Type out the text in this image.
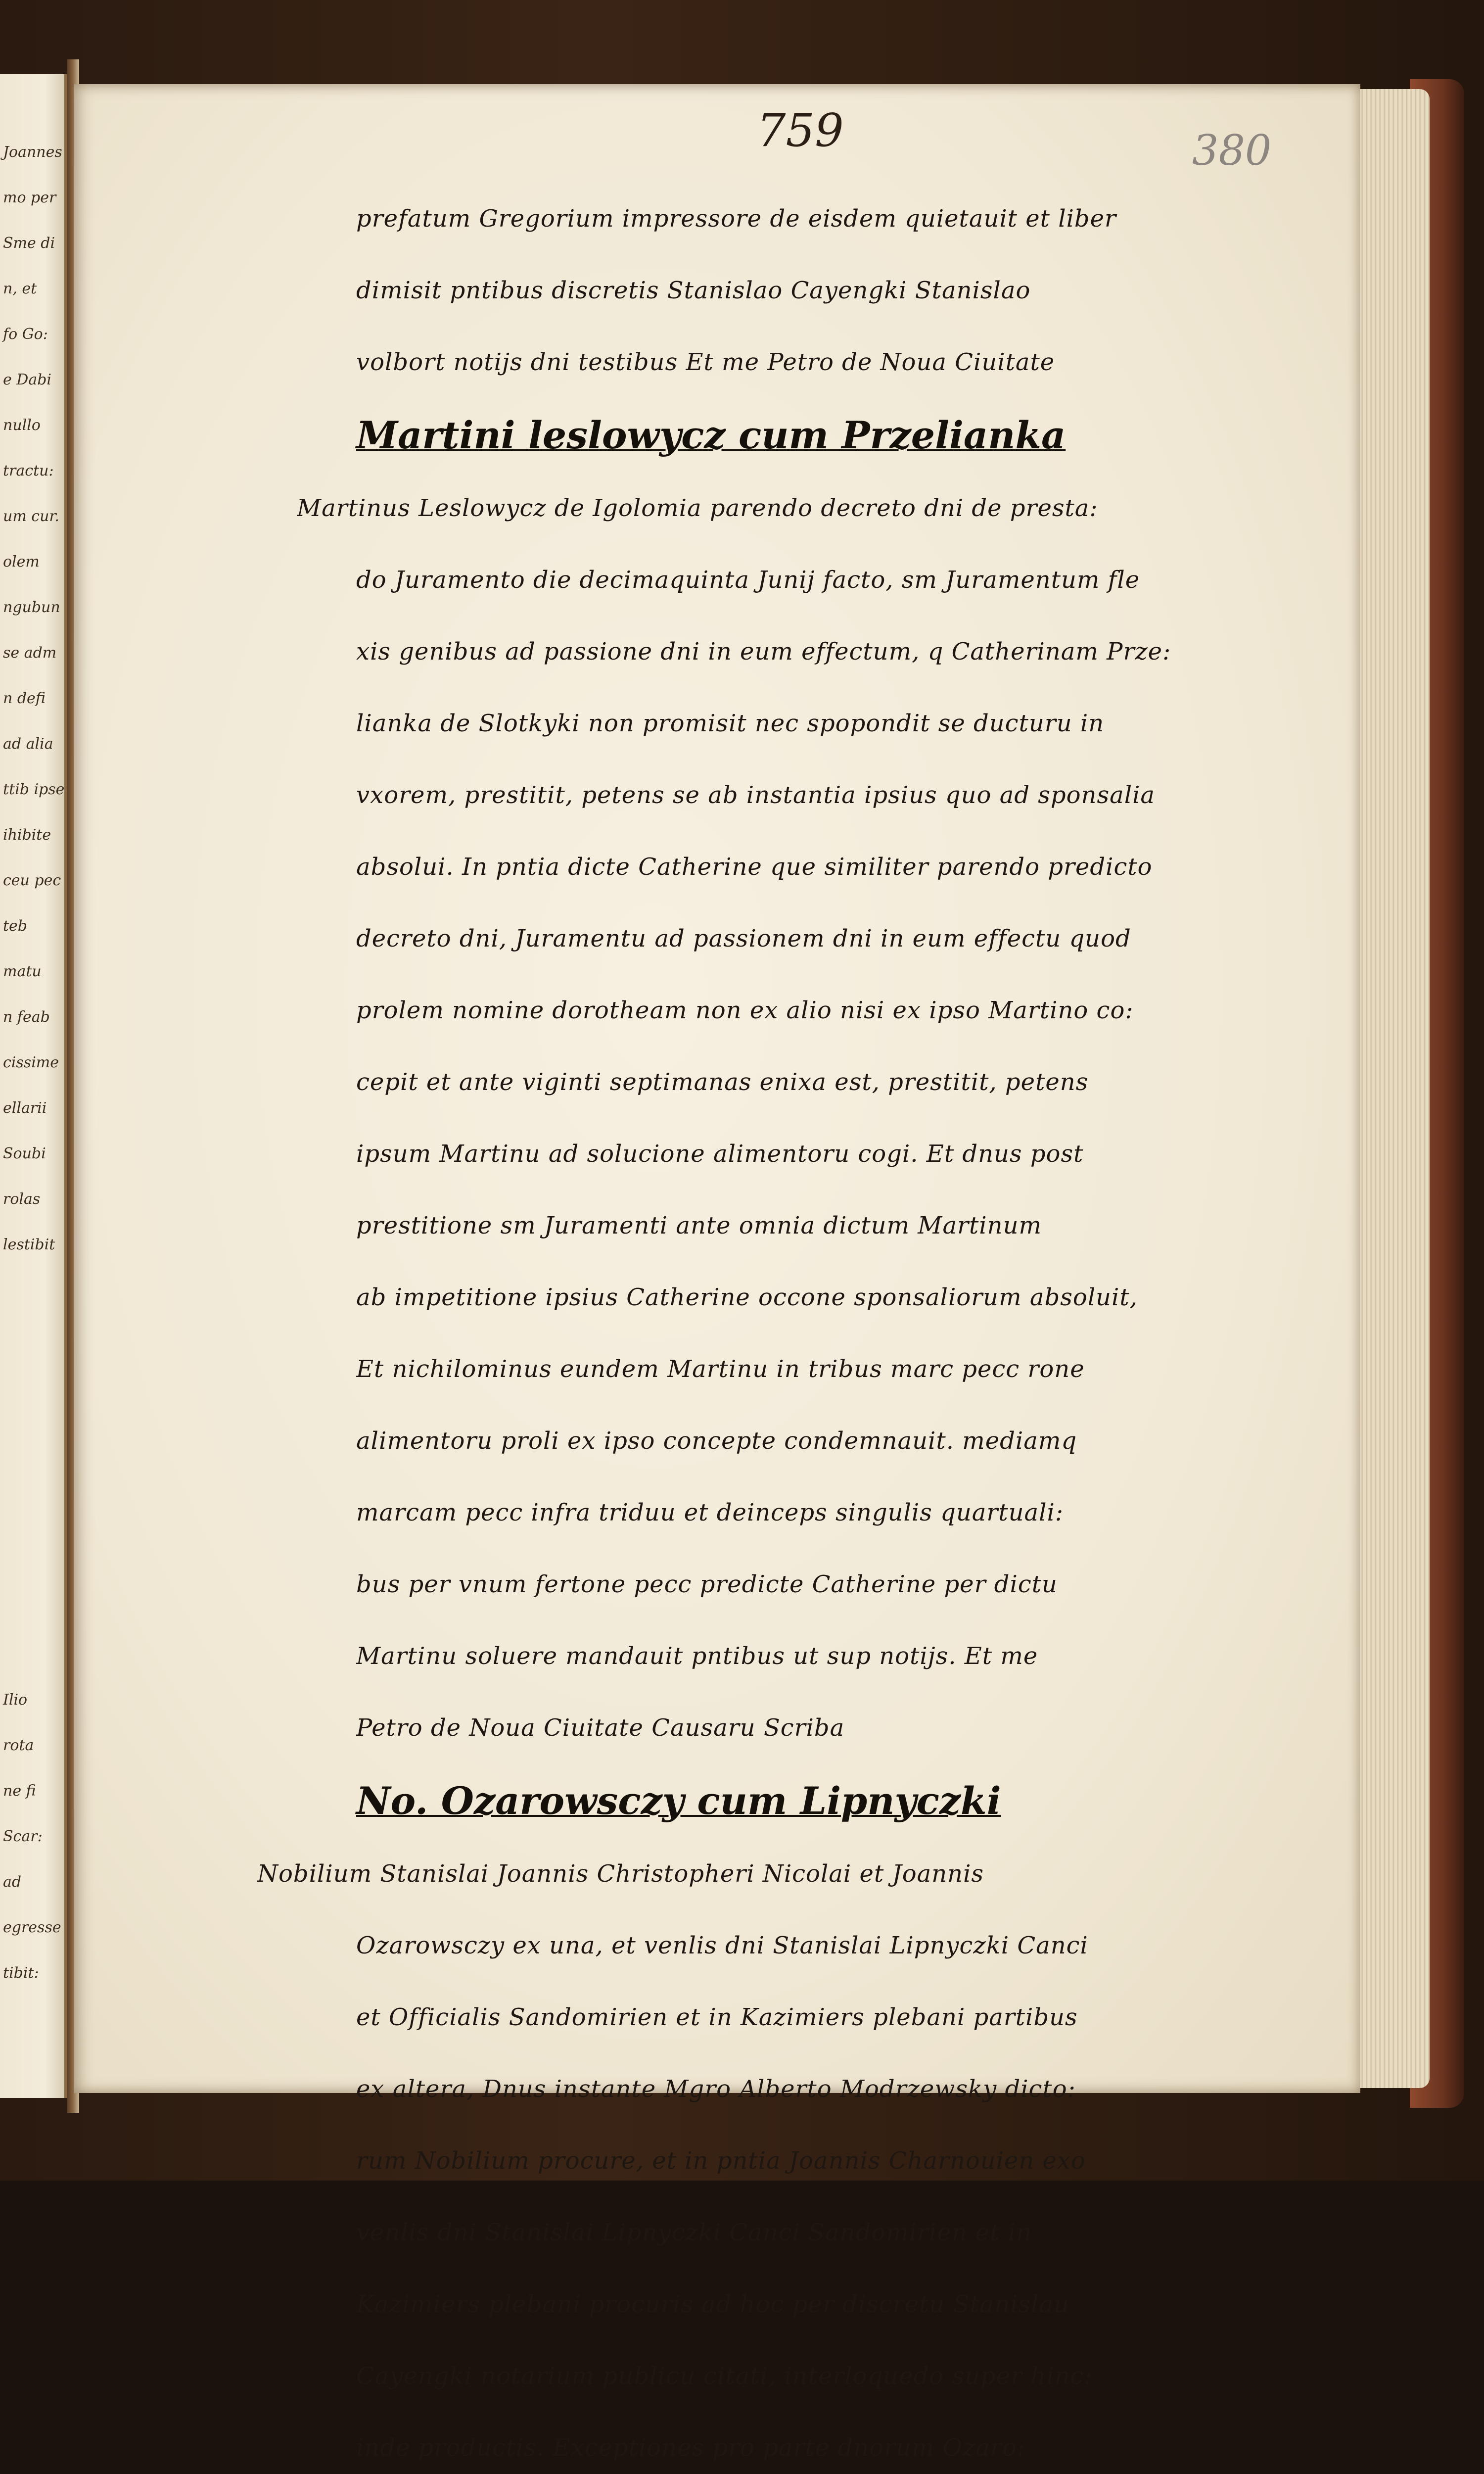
Joannes
mo per
Sme di
n, et
fo Go:
e Dabi
nullo
tractu:
um cur.
olem
ngubun
se adm
n defi
ad alia
ttib ipse
ihibite
ceu pec
teb
matu
n feab
cissime
ellarii
Soubi
rolas
lestibit
Ilio
rota
ne fi
Scar:
ad
egresse
tibit:
759	380
prefatum Gregorium impressore de eisdem quietauit et liber
dimisit pntibus discretis Stanislao Cayengki Stanislao
volbort notijs dni testibus Et me Petro de Noua Ciuitate
Martini leslowycz cum Przelianka
Martinus Leslowycz de Igolomia parendo decreto dni de presta:
do Juramento die decimaquinta Junij facto, sm Juramentum fle
xis genibus ad passione dni in eum effectum, q Catherinam Prze:
lianka de Slotkyki non promisit nec spopondit se ducturu in
vxorem, prestitit, petens se ab instantia ipsius quo ad sponsalia
absolui. In pntia dicte Catherine que similiter parendo predicto
decreto dni, Juramentu ad passionem dni in eum effectu quod
prolem nomine dorotheam non ex alio nisi ex ipso Martino co:
cepit et ante viginti septimanas enixa est, prestitit, petens
ipsum Martinu ad solucione alimentoru cogi. Et dnus post
prestitione sm Juramenti ante omnia dictum Martinum
ab impetitione ipsius Catherine occone sponsaliorum absoluit,
Et nichilominus eundem Martinu in tribus marc pecc rone
alimentoru proli ex ipso concepte condemnauit. mediamq
marcam pecc infra triduu et deinceps singulis quartuali:
bus per vnum fertone pecc predicte Catherine per dictu
Martinu soluere mandauit pntibus ut sup notijs. Et me
Petro de Noua Ciuitate Causaru Scriba
No. Ozarowsczy cum Lipnyczki
Nobilium Stanislai Joannis Christopheri Nicolai et Joannis
Ozarowsczy ex una, et venlis dni Stanislai Lipnyczki Canci
et Officialis Sandomirien et in Kazimiers plebani partibus
ex altera, Dnus instante Mgro Alberto Modrzewsky dicto:
rum Nobilium procure, et in pntia Joannis Charnouien exo
venlis dni Stanislai Lipnyczki Canci Sandomirien et in
Kazimiers plebani procuris ad hoc per discretu Stanislau
Cayengki notarium publicu citati, interloquedo super hinc:
inde productis. Exceptiones pro parte dnorum Ozaro:
